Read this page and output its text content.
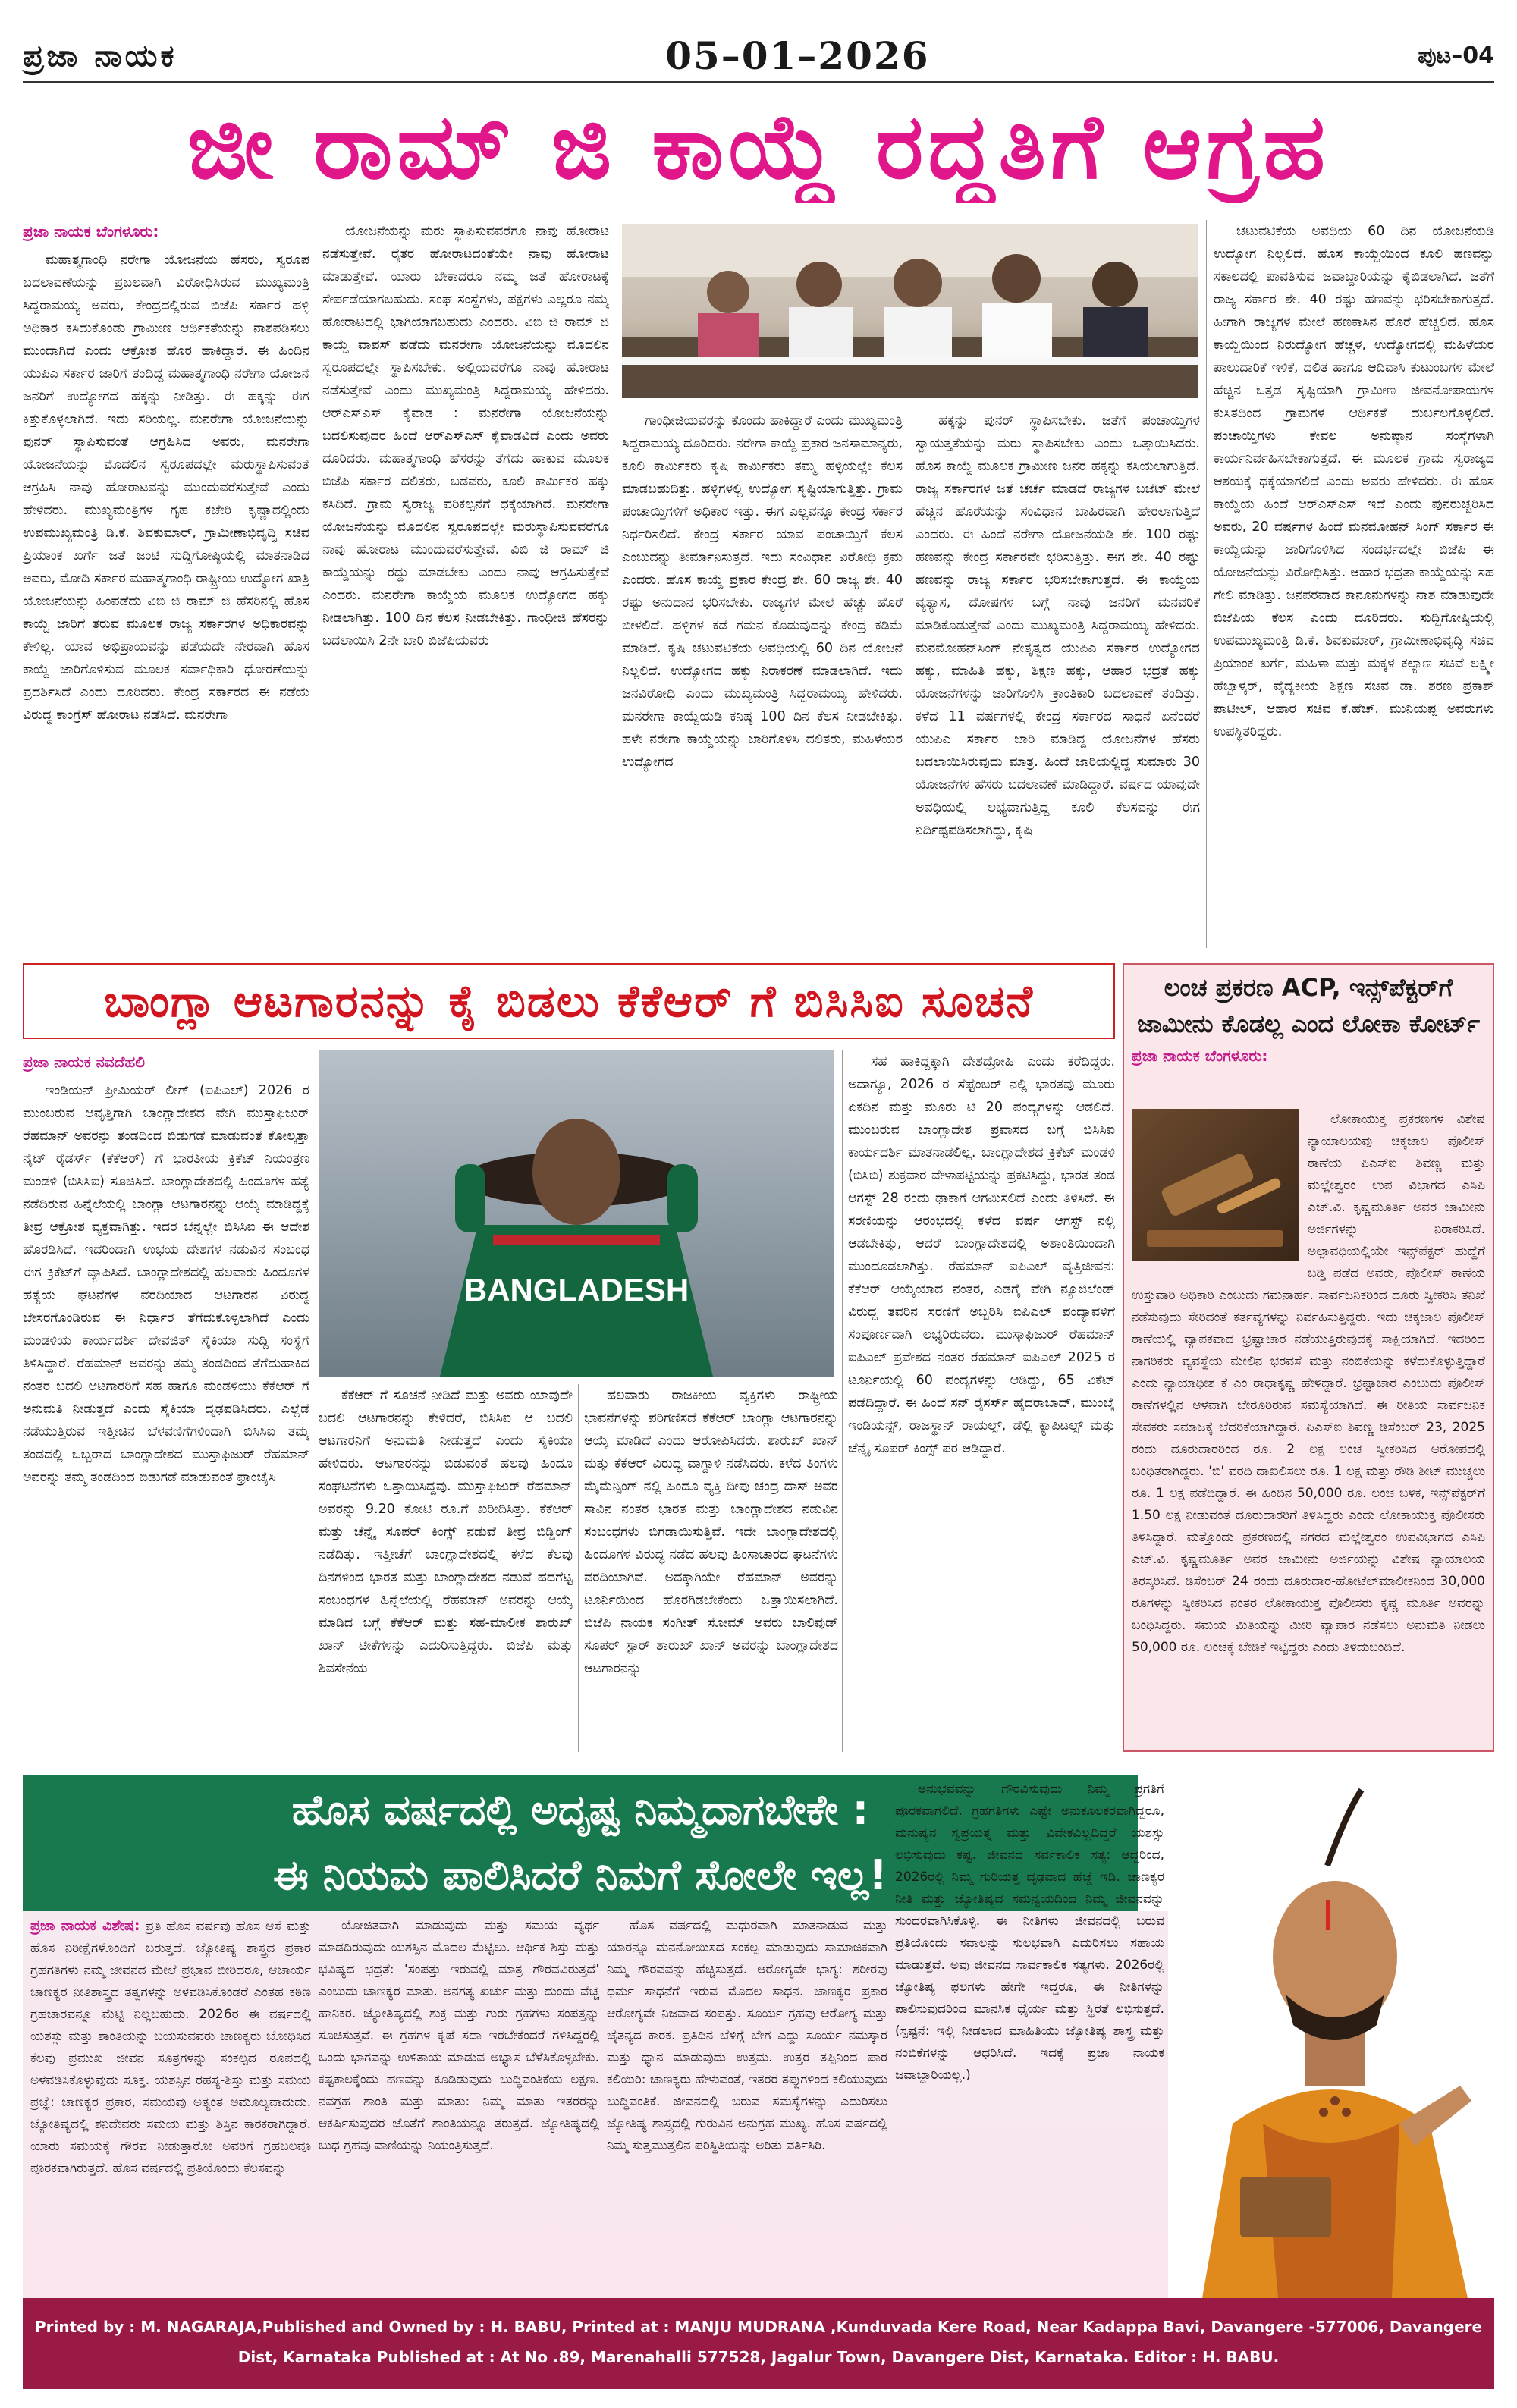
ಪ್ರಜಾ ನಾಯಕ	05–01–2026	ಪುಟ–04
ಜೀ ರಾಮ್ ಜಿ ಕಾಯ್ದೆ ರದ್ದತಿಗೆ ಆಗ್ರಹ
ಪ್ರಜಾ ನಾಯಕ ಬೆಂಗಳೂರು:

ಮಹಾತ್ಮಗಾಂಧಿ ನರೇಗಾ ಯೋಜನೆಯ ಹೆಸರು, ಸ್ವರೂಪ ಬದಲಾವಣೆಯನ್ನು ಪ್ರಬಲವಾಗಿ ವಿರೋಧಿಸಿರುವ ಮುಖ್ಯಮಂತ್ರಿ ಸಿದ್ದರಾಮಯ್ಯ ಅವರು, ಕೇಂದ್ರದಲ್ಲಿರುವ ಬಿಜೆಪಿ ಸರ್ಕಾರ ಹಳ್ಳಿ ಅಧಿಕಾರ ಕಸಿದುಕೊಂಡು ಗ್ರಾಮೀಣ ಆರ್ಥಿಕತೆಯನ್ನು ನಾಶಪಡಿಸಲು ಮುಂದಾಗಿದೆ ಎಂದು ಆಕ್ರೋಶ ಹೊರ ಹಾಕಿದ್ದಾರೆ. ಈ ಹಿಂದಿನ ಯುಪಿಎ ಸರ್ಕಾರ ಜಾರಿಗೆ ತಂದಿದ್ದ ಮಹಾತ್ಮಗಾಂಧಿ ನರೇಗಾ ಯೋಜನೆ ಜನರಿಗೆ ಉದ್ಯೋಗದ ಹಕ್ಕನ್ನು ನೀಡಿತ್ತು. ಈ ಹಕ್ಕನ್ನು ಈಗ ಕಿತ್ತುಕೊಳ್ಳಲಾಗಿದೆ. ಇದು ಸರಿಯಲ್ಲ. ಮನರೇಗಾ ಯೋಜನೆಯನ್ನು ಪುನರ್ ಸ್ಥಾಪಿಸುವಂತೆ ಆಗ್ರಹಿಸಿದ ಅವರು, ಮನರೇಗಾ ಯೋಜನೆಯನ್ನು ಮೊದಲಿನ ಸ್ವರೂಪದಲ್ಲೇ ಮರುಸ್ಥಾಪಿಸುವಂತೆ ಆಗ್ರಹಿಸಿ ನಾವು ಹೋರಾಟವನ್ನು ಮುಂದುವರೆಸುತ್ತೇವೆ ಎಂದು ಹೇಳಿದರು. ಮುಖ್ಯಮಂತ್ರಿಗಳ ಗೃಹ ಕಚೇರಿ ಕೃಷ್ಣಾದಲ್ಲಿಂದು ಉಪಮುಖ್ಯಮಂತ್ರಿ ಡಿ.ಕೆ. ಶಿವಕುಮಾರ್, ಗ್ರಾಮೀಣಾಭಿವೃದ್ಧಿ ಸಚಿವ ಪ್ರಿಯಾಂಕ ಖರ್ಗೆ ಜತೆ ಜಂಟಿ ಸುದ್ದಿಗೋಷ್ಠಿಯಲ್ಲಿ ಮಾತನಾಡಿದ ಅವರು, ಮೋದಿ ಸರ್ಕಾರ ಮಹಾತ್ಮಗಾಂಧಿ ರಾಷ್ಟ್ರೀಯ ಉದ್ಯೋಗ ಖಾತ್ರಿ ಯೋಜನೆಯನ್ನು ಹಿಂಪಡೆದು ವಿಬಿ ಜಿ ರಾಮ್ ಜಿ ಹೆಸರಿನಲ್ಲಿ ಹೊಸ ಕಾಯ್ದೆ ಜಾರಿಗೆ ತರುವ ಮೂಲಕ ರಾಜ್ಯ ಸರ್ಕಾರಗಳ ಅಧಿಕಾರವನ್ನು ಕೇಳಿಲ್ಲ. ಯಾವ ಅಭಿಪ್ರಾಯವನ್ನು ಪಡೆಯದೇ ನೇರವಾಗಿ ಹೊಸ ಕಾಯ್ದೆ ಜಾರಿಗೊಳಿಸುವ ಮೂಲಕ ಸರ್ವಾಧಿಕಾರಿ ಧೋರಣೆಯನ್ನು ಪ್ರದರ್ಶಿಸಿದೆ ಎಂದು ದೂರಿದರು. ಕೇಂದ್ರ ಸರ್ಕಾರದ ಈ ನಡೆಯ ವಿರುದ್ಧ ಕಾಂಗ್ರೆಸ್ ಹೋರಾಟ ನಡೆಸಿದೆ. ಮನರೇಗಾ

ಯೋಜನೆಯನ್ನು ಮರು ಸ್ಥಾಪಿಸುವವರೆಗೂ ನಾವು ಹೋರಾಟ ನಡೆಸುತ್ತೇವೆ. ರೈತರ ಹೋರಾಟದಂತೆಯೇ ನಾವು ಹೋರಾಟ ಮಾಡುತ್ತೇವೆ. ಯಾರು ಬೇಕಾದರೂ ನಮ್ಮ ಜತೆ ಹೋರಾಟಕ್ಕೆ ಸೇರ್ಪಡೆಯಾಗಬಹುದು. ಸಂಘ ಸಂಸ್ಥೆಗಳು, ಪಕ್ಷಗಳು ಎಲ್ಲರೂ ನಮ್ಮ ಹೋರಾಟದಲ್ಲಿ ಭಾಗಿಯಾಗಬಹುದು ಎಂದರು. ವಿಬಿ ಜಿ ರಾಮ್ ಜಿ ಕಾಯ್ದೆ ವಾಪಸ್ ಪಡೆದು ಮನರೇಗಾ ಯೋಜನೆಯನ್ನು ಮೊದಲಿನ ಸ್ವರೂಪದಲ್ಲೇ ಸ್ಥಾಪಿಸಬೇಕು. ಅಲ್ಲಿಯವರೆಗೂ ನಾವು ಹೋರಾಟ ನಡೆಸುತ್ತೇವೆ ಎಂದು ಮುಖ್ಯಮಂತ್ರಿ ಸಿದ್ದರಾಮಯ್ಯ ಹೇಳಿದರು. ಆರ್‌ಎಸ್‌ಎಸ್ ಕೈವಾಡ : ಮನರೇಗಾ ಯೋಜನೆಯನ್ನು ಬದಲಿಸುವುದರ ಹಿಂದೆ ಆರ್‌ಎಸ್‌ಎಸ್ ಕೈವಾಡವಿದೆ ಎಂದು ಅವರು ದೂರಿದರು. ಮಹಾತ್ಮಗಾಂಧಿ ಹೆಸರನ್ನು ತೆಗೆದು ಹಾಕುವ ಮೂಲಕ ಬಿಜೆಪಿ ಸರ್ಕಾರ ದಲಿತರು, ಬಡವರು, ಕೂಲಿ ಕಾರ್ಮಿಕರ ಹಕ್ಕು ಕಸಿದಿದೆ. ಗ್ರಾಮ ಸ್ವರಾಜ್ಯ ಪರಿಕಲ್ಪನೆಗೆ ಧಕ್ಕೆಯಾಗಿದೆ. ಮನರೇಗಾ ಯೋಜನೆಯನ್ನು ಮೊದಲಿನ ಸ್ವರೂಪದಲ್ಲೇ ಮರುಸ್ಥಾಪಿಸುವವರೆಗೂ ನಾವು ಹೋರಾಟ ಮುಂದುವರೆಸುತ್ತೇವೆ. ವಿಬಿ ಜಿ ರಾಮ್ ಜಿ ಕಾಯ್ದೆಯನ್ನು ರದ್ದು ಮಾಡಬೇಕು ಎಂದು ನಾವು ಆಗ್ರಹಿಸುತ್ತೇವೆ ಎಂದರು. ಮನರೇಗಾ ಕಾಯ್ದೆಯ ಮೂಲಕ ಉದ್ಯೋಗದ ಹಕ್ಕು ನೀಡಲಾಗಿತ್ತು. 100 ದಿನ ಕೆಲಸ ನೀಡಬೇಕಿತ್ತು. ಗಾಂಧೀಜಿ ಹೆಸರನ್ನು ಬದಲಾಯಿಸಿ 2ನೇ ಬಾರಿ ಬಿಜೆಪಿಯವರು

ಗಾಂಧೀಜಿಯವರನ್ನು ಕೊಂದು ಹಾಕಿದ್ದಾರೆ ಎಂದು ಮುಖ್ಯಮಂತ್ರಿ ಸಿದ್ದರಾಮಯ್ಯ ದೂರಿದರು. ನರೇಗಾ ಕಾಯ್ದೆ ಪ್ರಕಾರ ಜನಸಾಮಾನ್ಯರು, ಕೂಲಿ ಕಾರ್ಮಿಕರು ಕೃಷಿ ಕಾರ್ಮಿಕರು ತಮ್ಮ ಹಳ್ಳಿಯಲ್ಲೇ ಕೆಲಸ ಮಾಡಬಹುದಿತ್ತು. ಹಳ್ಳಿಗಳಲ್ಲಿ ಉದ್ಯೋಗ ಸೃಷ್ಟಿಯಾಗುತ್ತಿತ್ತು. ಗ್ರಾಮ ಪಂಚಾಯ್ತಿಗಳಿಗೆ ಅಧಿಕಾರ ಇತ್ತು. ಈಗ ಎಲ್ಲವನ್ನೂ ಕೇಂದ್ರ ಸರ್ಕಾರ ನಿರ್ಧರಿಸಲಿದೆ. ಕೇಂದ್ರ ಸರ್ಕಾರ ಯಾವ ಪಂಚಾಯ್ತಿಗೆ ಕೆಲಸ ಎಂಬುದನ್ನು ತೀರ್ಮಾನಿಸುತ್ತದೆ. ಇದು ಸಂವಿಧಾನ ವಿರೋಧಿ ಕ್ರಮ ಎಂದರು. ಹೊಸ ಕಾಯ್ದೆ ಪ್ರಕಾರ ಕೇಂದ್ರ ಶೇ. 60 ರಾಜ್ಯ ಶೇ. 40 ರಷ್ಟು ಅನುದಾನ ಭರಿಸಬೇಕು. ರಾಜ್ಯಗಳ ಮೇಲೆ ಹೆಚ್ಚು ಹೊರೆ ಬೀಳಲಿದೆ. ಹಳ್ಳಿಗಳ ಕಡೆ ಗಮನ ಕೊಡುವುದನ್ನು ಕೇಂದ್ರ ಕಡಿಮೆ ಮಾಡಿದೆ. ಕೃಷಿ ಚಟುವಟಿಕೆಯ ಅವಧಿಯಲ್ಲಿ 60 ದಿನ ಯೋಜನೆ ನಿಲ್ಲಲಿದೆ. ಉದ್ಯೋಗದ ಹಕ್ಕು ನಿರಾಕರಣೆ ಮಾಡಲಾಗಿದೆ. ಇದು ಜನವಿರೋಧಿ ಎಂದು ಮುಖ್ಯಮಂತ್ರಿ ಸಿದ್ದರಾಮಯ್ಯ ಹೇಳಿದರು. ಮನರೇಗಾ ಕಾಯ್ದೆಯಡಿ ಕನಿಷ್ಠ 100 ದಿನ ಕೆಲಸ ನೀಡಬೇಕಿತ್ತು. ಹಳೇ ನರೇಗಾ ಕಾಯ್ದೆಯನ್ನು ಜಾರಿಗೊಳಿಸಿ ದಲಿತರು, ಮಹಿಳೆಯರ ಉದ್ಯೋಗದ

ಹಕ್ಕನ್ನು ಪುನರ್ ಸ್ಥಾಪಿಸಬೇಕು. ಜತೆಗೆ ಪಂಚಾಯ್ತಿಗಳ ಸ್ವಾಯತ್ತತೆಯನ್ನು ಮರು ಸ್ಥಾಪಿಸಬೇಕು ಎಂದು ಒತ್ತಾಯಿಸಿದರು. ಹೊಸ ಕಾಯ್ದೆ ಮೂಲಕ ಗ್ರಾಮೀಣ ಜನರ ಹಕ್ಕನ್ನು ಕಸಿಯಲಾಗುತ್ತಿದೆ. ರಾಜ್ಯ ಸರ್ಕಾರಗಳ ಜತೆ ಚರ್ಚೆ ಮಾಡದೆ ರಾಜ್ಯಗಳ ಬಜೆಟ್ ಮೇಲೆ ಹೆಚ್ಚಿನ ಹೊರೆಯನ್ನು ಸಂವಿಧಾನ ಬಾಹಿರವಾಗಿ ಹೇರಲಾಗುತ್ತಿದೆ ಎಂದರು. ಈ ಹಿಂದೆ ನರೇಗಾ ಯೋಜನೆಯಡಿ ಶೇ. 100 ರಷ್ಟು ಹಣವನ್ನು ಕೇಂದ್ರ ಸರ್ಕಾರವೇ ಭರಿಸುತ್ತಿತ್ತು. ಈಗ ಶೇ. 40 ರಷ್ಟು ಹಣವನ್ನು ರಾಜ್ಯ ಸರ್ಕಾರ ಭರಿಸಬೇಕಾಗುತ್ತದೆ. ಈ ಕಾಯ್ದೆಯ ವ್ಯತ್ಯಾಸ, ದೋಷಗಳ ಬಗ್ಗೆ ನಾವು ಜನರಿಗೆ ಮನವರಿಕೆ ಮಾಡಿಕೊಡುತ್ತೇವೆ ಎಂದು ಮುಖ್ಯಮಂತ್ರಿ ಸಿದ್ದರಾಮಯ್ಯ ಹೇಳಿದರು. ಮನಮೋಹನ್‌ಸಿಂಗ್ ನೇತೃತ್ವದ ಯುಪಿಎ ಸರ್ಕಾರ ಉದ್ಯೋಗದ ಹಕ್ಕು, ಮಾಹಿತಿ ಹಕ್ಕು, ಶಿಕ್ಷಣ ಹಕ್ಕು, ಆಹಾರ ಭದ್ರತೆ ಹಕ್ಕು ಯೋಜನೆಗಳನ್ನು ಜಾರಿಗೊಳಿಸಿ ಕ್ರಾಂತಿಕಾರಿ ಬದಲಾವಣೆ ತಂದಿತ್ತು. ಕಳೆದ 11 ವರ್ಷಗಳಲ್ಲಿ ಕೇಂದ್ರ ಸರ್ಕಾರದ ಸಾಧನೆ ಏನೆಂದರೆ ಯುಪಿಎ ಸರ್ಕಾರ ಜಾರಿ ಮಾಡಿದ್ದ ಯೋಜನೆಗಳ ಹೆಸರು ಬದಲಾಯಿಸಿರುವುದು ಮಾತ್ರ. ಹಿಂದೆ ಜಾರಿಯಲ್ಲಿದ್ದ ಸುಮಾರು 30 ಯೋಜನೆಗಳ ಹೆಸರು ಬದಲಾವಣೆ ಮಾಡಿದ್ದಾರೆ. ವರ್ಷದ ಯಾವುದೇ ಅವಧಿಯಲ್ಲಿ ಲಭ್ಯವಾಗುತ್ತಿದ್ದ ಕೂಲಿ ಕೆಲಸವನ್ನು ಈಗ ನಿರ್ದಿಷ್ಟಪಡಿಸಲಾಗಿದ್ದು, ಕೃಷಿ

ಚಟುವಟಿಕೆಯ ಅವಧಿಯ 60 ದಿನ ಯೋಜನೆಯಡಿ ಉದ್ಯೋಗ ನಿಲ್ಲಲಿದೆ. ಹೊಸ ಕಾಯ್ದೆಯಿಂದ ಕೂಲಿ ಹಣವನ್ನು ಸಕಾಲದಲ್ಲಿ ಪಾವತಿಸುವ ಜವಾಬ್ದಾರಿಯನ್ನು ಕೈಬಿಡಲಾಗಿದೆ. ಜತೆಗೆ ರಾಜ್ಯ ಸರ್ಕಾರ ಶೇ. 40 ರಷ್ಟು ಹಣವನ್ನು ಭರಿಸಬೇಕಾಗುತ್ತದೆ. ಹೀಗಾಗಿ ರಾಜ್ಯಗಳ ಮೇಲೆ ಹಣಕಾಸಿನ ಹೊರೆ ಹೆಚ್ಚಲಿದೆ. ಹೊಸ ಕಾಯ್ದೆಯಿಂದ ನಿರುದ್ಯೋಗ ಹೆಚ್ಚಳ, ಉದ್ಯೋಗದಲ್ಲಿ ಮಹಿಳೆಯರ ಪಾಲುದಾರಿಕೆ ಇಳಿಕೆ, ದಲಿತ ಹಾಗೂ ಆದಿವಾಸಿ ಕುಟುಂಬಗಳ ಮೇಲೆ ಹೆಚ್ಚಿನ ಒತ್ತಡ ಸೃಷ್ಟಿಯಾಗಿ ಗ್ರಾಮೀಣ ಜೀವನೋಪಾಯಗಳ ಕುಸಿತದಿಂದ ಗ್ರಾಮಗಳ ಆರ್ಥಿಕತೆ ದುರ್ಬಲಗೊಳ್ಳಲಿದೆ. ಪಂಚಾಯ್ತಿಗಳು ಕೇವಲ ಅನುಷ್ಠಾನ ಸಂಸ್ಥೆಗಳಾಗಿ ಕಾರ್ಯನಿರ್ವಹಿಸಬೇಕಾಗುತ್ತದೆ. ಈ ಮೂಲಕ ಗ್ರಾಮ ಸ್ವರಾಜ್ಯದ ಆಶಯಕ್ಕೆ ಧಕ್ಕೆಯಾಗಲಿದೆ ಎಂದು ಅವರು ಹೇಳಿದರು. ಈ ಹೊಸ ಕಾಯ್ದೆಯ ಹಿಂದೆ ಆರ್‌ಎಸ್‌ಎಸ್ ಇದೆ ಎಂದು ಪುನರುಚ್ಚರಿಸಿದ ಅವರು, 20 ವರ್ಷಗಳ ಹಿಂದೆ ಮನಮೋಹನ್ ಸಿಂಗ್ ಸರ್ಕಾರ ಈ ಕಾಯ್ದೆಯನ್ನು ಜಾರಿಗೊಳಿಸಿದ ಸಂದರ್ಭದಲ್ಲೇ ಬಿಜೆಪಿ ಈ ಯೋಜನೆಯನ್ನು ವಿರೋಧಿಸಿತ್ತು. ಆಹಾರ ಭದ್ರತಾ ಕಾಯ್ದೆಯನ್ನು ಸಹ ಗೇಲಿ ಮಾಡಿತ್ತು. ಜನಪರವಾದ ಕಾನೂನುಗಳನ್ನು ನಾಶ ಮಾಡುವುದೇ ಬಿಜೆಪಿಯ ಕೆಲಸ ಎಂದು ದೂರಿದರು. ಸುದ್ದಿಗೋಷ್ಠಿಯಲ್ಲಿ ಉಪಮುಖ್ಯಮಂತ್ರಿ ಡಿ.ಕೆ. ಶಿವಕುಮಾರ್, ಗ್ರಾಮೀಣಾಭಿವೃದ್ಧಿ ಸಚಿವ ಪ್ರಿಯಾಂಕ ಖರ್ಗೆ, ಮಹಿಳಾ ಮತ್ತು ಮಕ್ಕಳ ಕಲ್ಯಾಣ ಸಚಿವೆ ಲಕ್ಷ್ಮೀ ಹೆಬ್ಬಾಳ್ಕರ್, ವೈದ್ಯಕೀಯ ಶಿಕ್ಷಣ ಸಚಿವ ಡಾ. ಶರಣ ಪ್ರಕಾಶ್ ಪಾಟೀಲ್, ಆಹಾರ ಸಚಿವ ಕೆ.ಹೆಚ್. ಮುನಿಯಪ್ಪ ಅವರುಗಳು ಉಪಸ್ಥಿತರಿದ್ದರು.

ಬಾಂಗ್ಲಾ ಆಟಗಾರನನ್ನು ಕೈ ಬಿಡಲು ಕೆಕೆಆರ್ ಗೆ ಬಿಸಿಸಿಐ ಸೂಚನೆ
ಪ್ರಜಾ ನಾಯಕ ನವದೆಹಲಿ

ಇಂಡಿಯನ್ ಪ್ರೀಮಿಯರ್ ಲೀಗ್ (ಐಪಿಎಲ್) 2026 ರ ಮುಂಬರುವ ಆವೃತ್ತಿಗಾಗಿ ಬಾಂಗ್ಲಾದೇಶದ ವೇಗಿ ಮುಸ್ತಾಫಿಜುರ್ ರೆಹಮಾನ್ ಅವರನ್ನು ತಂಡದಿಂದ ಬಿಡುಗಡೆ ಮಾಡುವಂತೆ ಕೋಲ್ಕತ್ತಾ ನೈಟ್ ರೈಡರ್ಸ್ (ಕೆಕೆಆರ್) ಗೆ ಭಾರತೀಯ ಕ್ರಿಕೆಟ್ ನಿಯಂತ್ರಣ ಮಂಡಳಿ (ಬಿಸಿಸಿಐ) ಸೂಚಿಸಿದೆ. ಬಾಂಗ್ಲಾದೇಶದಲ್ಲಿ ಹಿಂದೂಗಳ ಹತ್ಯೆ ನಡೆದಿರುವ ಹಿನ್ನೆಲೆಯಲ್ಲಿ ಬಾಂಗ್ಲಾ ಆಟಗಾರನನ್ನು ಆಯ್ಕೆ ಮಾಡಿದ್ದಕ್ಕೆ ತೀವ್ರ ಆಕ್ರೋಶ ವ್ಯಕ್ತವಾಗಿತ್ತು. ಇದರ ಬೆನ್ನಲ್ಲೇ ಬಿಸಿಸಿಐ ಈ ಆದೇಶ ಹೊರಡಿಸಿದೆ. ಇದರಿಂದಾಗಿ ಉಭಯ ದೇಶಗಳ ನಡುವಿನ ಸಂಬಂಧ ಈಗ ಕ್ರಿಕೆಟ್‌ಗೆ ವ್ಯಾಪಿಸಿದೆ. ಬಾಂಗ್ಲಾದೇಶದಲ್ಲಿ ಹಲವಾರು ಹಿಂದೂಗಳ ಹತ್ಯೆಯ ಘಟನೆಗಳ ವರದಿಯಾದ ಆಟಗಾರನ ವಿರುದ್ಧ ಬೇಸರಗೊಂಡಿರುವ ಈ ನಿರ್ಧಾರ ತೆಗೆದುಕೊಳ್ಳಲಾಗಿದೆ ಎಂದು ಮಂಡಳಿಯ ಕಾರ್ಯದರ್ಶಿ ದೇವಜಿತ್ ಸೈಕಿಯಾ ಸುದ್ದಿ ಸಂಸ್ಥೆಗೆ ತಿಳಿಸಿದ್ದಾರೆ. ರೆಹಮಾನ್ ಅವರನ್ನು ತಮ್ಮ ತಂಡದಿಂದ ತೆಗೆದುಹಾಕಿದ ನಂತರ ಬದಲಿ ಆಟಗಾರರಿಗೆ ಸಹ ಹಾಗೂ ಮಂಡಳಿಯು ಕೆಕೆಆರ್ ಗೆ ಅನುಮತಿ ನೀಡುತ್ತದೆ ಎಂದು ಸೈಕಿಯಾ ದೃಢಪಡಿಸಿದರು. ಎಲ್ಲೆಡೆ ನಡೆಯುತ್ತಿರುವ ಇತ್ತೀಚಿನ ಬೆಳವಣಿಗೆಗಳಿಂದಾಗಿ ಬಿಸಿಸಿಐ ತಮ್ಮ ತಂಡದಲ್ಲಿ ಒಬ್ಬರಾದ ಬಾಂಗ್ಲಾದೇಶದ ಮುಸ್ತಾಫಿಜುರ್ ರೆಹಮಾನ್ ಅವರನ್ನು ತಮ್ಮ ತಂಡದಿಂದ ಬಿಡುಗಡೆ ಮಾಡುವಂತೆ ಫ್ರಾಂಚೈಸಿ

BANGLADESH

ಕೆಕೆಆರ್ ಗೆ ಸೂಚನೆ ನೀಡಿದೆ ಮತ್ತು ಅವರು ಯಾವುದೇ ಬದಲಿ ಆಟಗಾರನನ್ನು ಕೇಳಿದರೆ, ಬಿಸಿಸಿಐ ಆ ಬದಲಿ ಆಟಗಾರನಿಗೆ ಅನುಮತಿ ನೀಡುತ್ತದೆ ಎಂದು ಸೈಕಿಯಾ ಹೇಳಿದರು. ಆಟಗಾರನನ್ನು ಬಿಡುವಂತೆ ಹಲವು ಹಿಂದೂ ಸಂಘಟನೆಗಳು ಒತ್ತಾಯಿಸಿದ್ದವು. ಮುಸ್ತಾಫಿಜುರ್ ರೆಹಮಾನ್ ಅವರನ್ನು 9.20 ಕೋಟಿ ರೂ.ಗೆ ಖರೀದಿಸಿತ್ತು. ಕೆಕೆಆರ್ ಮತ್ತು ಚೆನ್ನೈ ಸೂಪರ್ ಕಿಂಗ್ಸ್ ನಡುವೆ ತೀವ್ರ ಬಿಡ್ಡಿಂಗ್ ನಡೆದಿತ್ತು. ಇತ್ತೀಚೆಗೆ ಬಾಂಗ್ಲಾದೇಶದಲ್ಲಿ ಕಳೆದ ಕೆಲವು ದಿನಗಳಿಂದ ಭಾರತ ಮತ್ತು ಬಾಂಗ್ಲಾದೇಶದ ನಡುವೆ ಹದಗೆಟ್ಟ ಸಂಬಂಧಗಳ ಹಿನ್ನೆಲೆಯಲ್ಲಿ ರೆಹಮಾನ್ ಅವರನ್ನು ಆಯ್ಕೆ ಮಾಡಿದ ಬಗ್ಗೆ ಕೆಕೆಆರ್ ಮತ್ತು ಸಹ-ಮಾಲೀಕ ಶಾರುಖ್ ಖಾನ್ ಟೀಕೆಗಳನ್ನು ಎದುರಿಸುತ್ತಿದ್ದರು. ಬಿಜೆಪಿ ಮತ್ತು ಶಿವಸೇನೆಯ

ಹಲವಾರು ರಾಜಕೀಯ ವ್ಯಕ್ತಿಗಳು ರಾಷ್ಟ್ರೀಯ ಭಾವನೆಗಳನ್ನು ಪರಿಗಣಿಸದೆ ಕೆಕೆಆರ್ ಬಾಂಗ್ಲಾ ಆಟಗಾರನನ್ನು ಆಯ್ಕೆ ಮಾಡಿದೆ ಎಂದು ಆರೋಪಿಸಿದರು. ಶಾರುಖ್ ಖಾನ್ ಮತ್ತು ಕೆಕೆಆರ್ ವಿರುದ್ಧ ವಾಗ್ದಾಳಿ ನಡೆಸಿದರು. ಕಳೆದ ತಿಂಗಳು ಮೈಮೆನ್ಸಿಂಗ್ ನಲ್ಲಿ ಹಿಂದೂ ವ್ಯಕ್ತಿ ದೀಪು ಚಂದ್ರ ದಾಸ್ ಅವರ ಸಾವಿನ ನಂತರ ಭಾರತ ಮತ್ತು ಬಾಂಗ್ಲಾದೇಶದ ನಡುವಿನ ಸಂಬಂಧಗಳು ಬಿಗಡಾಯಿಸುತ್ತಿವೆ. ಇದೇ ಬಾಂಗ್ಲಾದೇಶದಲ್ಲಿ ಹಿಂದೂಗಳ ವಿರುದ್ಧ ನಡೆದ ಹಲವು ಹಿಂಸಾಚಾರದ ಘಟನೆಗಳು ವರದಿಯಾಗಿವೆ. ಅದಕ್ಕಾಗಿಯೇ ರೆಹಮಾನ್ ಅವರನ್ನು ಟೂರ್ನಿಯಿಂದ ಹೊರಗಿಡಬೇಕೆಂದು ಒತ್ತಾಯಿಸಲಾಗಿದೆ. ಬಿಜೆಪಿ ನಾಯಕ ಸಂಗೀತ್ ಸೋಮ್ ಅವರು ಬಾಲಿವುಡ್ ಸೂಪರ್ ಸ್ಟಾರ್ ಶಾರುಖ್ ಖಾನ್ ಅವರನ್ನು ಬಾಂಗ್ಲಾದೇಶದ ಆಟಗಾರನನ್ನು

ಸಹ ಹಾಕಿದ್ದಕ್ಕಾಗಿ ದೇಶದ್ರೋಹಿ ಎಂದು ಕರೆದಿದ್ದರು. ಅದಾಗ್ಯೂ, 2026 ರ ಸೆಪ್ಟೆಂಬರ್ ನಲ್ಲಿ ಭಾರತವು ಮೂರು ಏಕದಿನ ಮತ್ತು ಮೂರು ಟಿ 20 ಪಂದ್ಯಗಳನ್ನು ಆಡಲಿದೆ. ಮುಂಬರುವ ಬಾಂಗ್ಲಾದೇಶ ಪ್ರವಾಸದ ಬಗ್ಗೆ ಬಿಸಿಸಿಐ ಕಾರ್ಯದರ್ಶಿ ಮಾತನಾಡಲಿಲ್ಲ. ಬಾಂಗ್ಲಾದೇಶದ ಕ್ರಿಕೆಟ್ ಮಂಡಳಿ (ಬಿಸಿಬಿ) ಶುಕ್ರವಾರ ವೇಳಾಪಟ್ಟಿಯನ್ನು ಪ್ರಕಟಿಸಿದ್ದು, ಭಾರತ ತಂಡ ಆಗಸ್ಟ್ 28 ರಂದು ಢಾಕಾಗೆ ಆಗಮಿಸಲಿದೆ ಎಂದು ತಿಳಿಸಿದೆ. ಈ ಸರಣಿಯನ್ನು ಆರಂಭದಲ್ಲಿ ಕಳೆದ ವರ್ಷ ಆಗಸ್ಟ್ ನಲ್ಲಿ ಆಡಬೇಕಿತ್ತು, ಆದರೆ ಬಾಂಗ್ಲಾದೇಶದಲ್ಲಿ ಅಶಾಂತಿಯಿಂದಾಗಿ ಮುಂದೂಡಲಾಗಿತ್ತು. ರೆಹಮಾನ್ ಐಪಿಎಲ್ ವೃತ್ತಿಜೀವನ: ಕೆಕೆಆರ್ ಆಯ್ಕೆಯಾದ ನಂತರ, ಎಡಗೈ ವೇಗಿ ನ್ಯೂಜಿಲೆಂಡ್ ವಿರುದ್ಧ ತವರಿನ ಸರಣಿಗೆ ಅಬ್ಬರಿಸಿ ಐಪಿಎಲ್ ಪಂದ್ಯಾವಳಿಗೆ ಸಂಪೂರ್ಣವಾಗಿ ಲಭ್ಯರಿರುವರು. ಮುಸ್ತಾಫಿಜುರ್ ರೆಹಮಾನ್ ಐಪಿಎಲ್ ಪ್ರವೇಶದ ನಂತರ ರೆಹಮಾನ್ ಐಪಿಎಲ್ 2025 ರ ಟೂರ್ನಿಯಲ್ಲಿ 60 ಪಂದ್ಯಗಳನ್ನು ಆಡಿದ್ದು, 65 ವಿಕೆಟ್ ಪಡೆದಿದ್ದಾರೆ. ಈ ಹಿಂದೆ ಸನ್ ರೈಸರ್ಸ್ ಹೈದರಾಬಾದ್, ಮುಂಬೈ ಇಂಡಿಯನ್ಸ್, ರಾಜಸ್ಥಾನ್ ರಾಯಲ್ಸ್, ಡೆಲ್ಲಿ ಕ್ಯಾಪಿಟಲ್ಸ್ ಮತ್ತು ಚೆನ್ನೈ ಸೂಪರ್ ಕಿಂಗ್ಸ್ ಪರ ಆಡಿದ್ದಾರೆ.

ಲಂಚ ಪ್ರಕರಣ ACP, ಇನ್ಸ್‌ಪೆಕ್ಟರ್‌ಗೆ ಜಾಮೀನು ಕೊಡಲ್ಲ ಎಂದ ಲೋಕಾ ಕೋರ್ಟ್
ಪ್ರಜಾ ನಾಯಕ ಬೆಂಗಳೂರು:

ಲೋಕಾಯುಕ್ತ ಪ್ರಕರಣಗಳ ವಿಶೇಷ ನ್ಯಾಯಾಲಯವು ಚಿಕ್ಕಜಾಲ ಪೊಲೀಸ್ ಠಾಣೆಯ ಪಿಎಸ್‌ಐ ಶಿವಣ್ಣ ಮತ್ತು ಮಲ್ಲೇಶ್ವರಂ ಉಪ ವಿಭಾಗದ ಎಸಿಪಿ ಎಚ್.ವಿ. ಕೃಷ್ಣಮೂರ್ತಿ ಅವರ ಜಾಮೀನು ಅರ್ಜಿಗಳನ್ನು ನಿರಾಕರಿಸಿದೆ. ಅಲ್ಪಾವಧಿಯಲ್ಲಿಯೇ ಇನ್ಸ್‌ಪೆಕ್ಟರ್ ಹುದ್ದೆಗೆ ಬಡ್ತಿ ಪಡೆದ ಅವರು, ಪೊಲೀಸ್ ಠಾಣೆಯ ಉಸ್ತುವಾರಿ ಅಧಿಕಾರಿ ಎಂಬುದು ಗಮನಾರ್ಹ. ಸಾರ್ವಜನಿಕರಿಂದ ದೂರು ಸ್ವೀಕರಿಸಿ ತನಿಖೆ ನಡೆಸುವುದು ಸೇರಿದಂತೆ ಕರ್ತವ್ಯಗಳನ್ನು ನಿರ್ವಹಿಸುತ್ತಿದ್ದರು. ಇದು ಚಿಕ್ಕಜಾಲ ಪೊಲೀಸ್ ಠಾಣೆಯಲ್ಲಿ ವ್ಯಾಪಕವಾದ ಭ್ರಷ್ಟಾಚಾರ ನಡೆಯುತ್ತಿರುವುದಕ್ಕೆ ಸಾಕ್ಷಿಯಾಗಿದೆ. ಇದರಿಂದ ನಾಗರಿಕರು ವ್ಯವಸ್ಥೆಯ ಮೇಲಿನ ಭರವಸೆ ಮತ್ತು ನಂಬಿಕೆಯನ್ನು ಕಳೆದುಕೊಳ್ಳುತ್ತಿದ್ದಾರೆ ಎಂದು ನ್ಯಾಯಾಧೀಶ ಕೆ ಎಂ ರಾಧಾಕೃಷ್ಣ ಹೇಳಿದ್ದಾರೆ. ಭ್ರಷ್ಟಾಚಾರ ಎಂಬುದು ಪೊಲೀಸ್ ಠಾಣೆಗಳಲ್ಲಿನ ಆಳವಾಗಿ ಬೇರೂರಿರುವ ಸಮಸ್ಯೆಯಾಗಿದೆ. ಈ ರೀತಿಯ ಸಾರ್ವಜನಿಕ ಸೇವಕರು ಸಮಾಜಕ್ಕೆ ಬೆದರಿಕೆಯಾಗಿದ್ದಾರೆ. ಪಿಎಸ್‌ಐ ಶಿವಣ್ಣ ಡಿಸೆಂಬರ್ 23, 2025 ರಂದು ದೂರುದಾರರಿಂದ ರೂ. 2 ಲಕ್ಷ ಲಂಚ ಸ್ವೀಕರಿಸಿದ ಆರೋಪದಲ್ಲಿ ಬಂಧಿತರಾಗಿದ್ದರು. 'ಬಿ' ವರದಿ ದಾಖಲಿಸಲು ರೂ. 1 ಲಕ್ಷ ಮತ್ತು ರೌಡಿ ಶೀಟ್ ಮುಚ್ಚಲು ರೂ. 1 ಲಕ್ಷ ಪಡೆದಿದ್ದಾರೆ. ಈ ಹಿಂದಿನ 50,000 ರೂ. ಲಂಚ ಬಳಿಕ, ಇನ್ಸ್‌ಪೆಕ್ಟರ್‌ಗೆ 1.50 ಲಕ್ಷ ನೀಡುವಂತೆ ದೂರುದಾರರಿಗೆ ತಿಳಿಸಿದ್ದರು ಎಂದು ಲೋಕಾಯುಕ್ತ ಪೊಲೀಸರು ತಿಳಿಸಿದ್ದಾರೆ. ಮತ್ತೊಂದು ಪ್ರಕರಣದಲ್ಲಿ ನಗರದ ಮಲ್ಲೇಶ್ವರಂ ಉಪವಿಭಾಗದ ಎಸಿಪಿ ಎಚ್.ವಿ. ಕೃಷ್ಣಮೂರ್ತಿ ಅವರ ಜಾಮೀನು ಅರ್ಜಿಯನ್ನು ವಿಶೇಷ ನ್ಯಾಯಾಲಯ ತಿರಸ್ಕರಿಸಿದೆ. ಡಿಸೆಂಬರ್ 24 ರಂದು ದೂರುದಾರ-ಹೋಟೆಲ್‌ಮಾಲೀಕನಿಂದ 30,000 ರೂಗಳನ್ನು ಸ್ವೀಕರಿಸಿದ ನಂತರ ಲೋಕಾಯುಕ್ತ ಪೊಲೀಸರು ಕೃಷ್ಣ ಮೂರ್ತಿ ಅವರನ್ನು ಬಂಧಿಸಿದ್ದರು. ಸಮಯ ಮಿತಿಯನ್ನು ಮೀರಿ ವ್ಯಾಪಾರ ನಡೆಸಲು ಅನುಮತಿ ನೀಡಲು 50,000 ರೂ. ಲಂಚಕ್ಕೆ ಬೇಡಿಕೆ ಇಟ್ಟಿದ್ದರು ಎಂದು ತಿಳಿದುಬಂದಿದೆ.

ಹೊಸ ವರ್ಷದಲ್ಲಿ ಅದೃಷ್ಟ ನಿಮ್ಮದಾಗಬೇಕೇ :
ಈ ನಿಯಮ ಪಾಲಿಸಿದರೆ ನಿಮಗೆ ಸೋಲೇ ಇಲ್ಲ!
ಪ್ರಜಾ ನಾಯಕ ವಿಶೇಷ: ಪ್ರತಿ ಹೊಸ ವರ್ಷವು ಹೊಸ ಆಸೆ ಮತ್ತು ಹೊಸ ನಿರೀಕ್ಷೆಗಳೊಂದಿಗೆ ಬರುತ್ತದೆ. ಜ್ಯೋತಿಷ್ಯ ಶಾಸ್ತ್ರದ ಪ್ರಕಾರ ಗ್ರಹಗತಿಗಳು ನಮ್ಮ ಜೀವನದ ಮೇಲೆ ಪ್ರಭಾವ ಬೀರಿದರೂ, ಆಚಾರ್ಯ ಚಾಣಕ್ಯರ ನೀತಿಶಾಸ್ತ್ರದ ತತ್ವಗಳನ್ನು ಅಳವಡಿಸಿಕೊಂಡರೆ ಎಂತಹ ಕಠಿಣ ಗ್ರಹಚಾರವನ್ನೂ ಮೆಟ್ಟಿ ನಿಲ್ಲಬಹುದು. 2026ರ ಈ ವರ್ಷದಲ್ಲಿ ಯಶಸ್ಸು ಮತ್ತು ಶಾಂತಿಯನ್ನು ಬಯಸುವವರು ಚಾಣಕ್ಯರು ಬೋಧಿಸಿದ ಕೆಲವು ಪ್ರಮುಖ ಜೀವನ ಸೂತ್ರಗಳನ್ನು ಸಂಕಲ್ಪದ ರೂಪದಲ್ಲಿ ಅಳವಡಿಸಿಕೊಳ್ಳುವುದು ಸೂಕ್ತ. ಯಶಸ್ಸಿನ ರಹಸ್ಯ-ಶಿಸ್ತು ಮತ್ತು ಸಮಯ ಪ್ರಜ್ಞೆ: ಚಾಣಕ್ಯರ ಪ್ರಕಾರ, ಸಮಯವು ಅತ್ಯಂತ ಅಮೂಲ್ಯವಾದುದು. ಜ್ಯೋತಿಷ್ಯದಲ್ಲಿ ಶನಿದೇವರು ಸಮಯ ಮತ್ತು ಶಿಸ್ತಿನ ಕಾರಕರಾಗಿದ್ದಾರೆ. ಯಾರು ಸಮಯಕ್ಕೆ ಗೌರವ ನೀಡುತ್ತಾರೋ ಅವರಿಗೆ ಗ್ರಹಬಲವೂ ಪೂರಕವಾಗಿರುತ್ತದೆ. ಹೊಸ ವರ್ಷದಲ್ಲಿ ಪ್ರತಿಯೊಂದು ಕೆಲಸವನ್ನು

ಯೋಜಿತವಾಗಿ ಮಾಡುವುದು ಮತ್ತು ಸಮಯ ವ್ಯರ್ಥ ಮಾಡದಿರುವುದು ಯಶಸ್ಸಿನ ಮೊದಲ ಮೆಟ್ಟಿಲು. ಆರ್ಥಿಕ ಶಿಸ್ತು ಮತ್ತು ಭವಿಷ್ಯದ ಭದ್ರತೆ: 'ಸಂಪತ್ತು ಇರುವಲ್ಲಿ ಮಾತ್ರ ಗೌರವವಿರುತ್ತದೆ' ಎಂಬುದು ಚಾಣಕ್ಯರ ಮಾತು. ಅನಗತ್ಯ ಖರ್ಚು ಮತ್ತು ದುಂದು ವೆಚ್ಚ ಹಾನಿಕರ. ಜ್ಯೋತಿಷ್ಯದಲ್ಲಿ ಶುಕ್ರ ಮತ್ತು ಗುರು ಗ್ರಹಗಳು ಸಂಪತ್ತನ್ನು ಸೂಚಿಸುತ್ತವೆ. ಈ ಗ್ರಹಗಳ ಕೃಪೆ ಸದಾ ಇರಬೇಕೆಂದರೆ ಗಳಿಸಿದ್ದರಲ್ಲಿ ಒಂದು ಭಾಗವನ್ನು ಉಳಿತಾಯ ಮಾಡುವ ಅಭ್ಯಾಸ ಬೆಳೆಸಿಕೊಳ್ಳಬೇಕು. ಕಷ್ಟಕಾಲಕ್ಕೆಂದು ಹಣವನ್ನು ಕೂಡಿಡುವುದು ಬುದ್ಧಿವಂತಿಕೆಯ ಲಕ್ಷಣ. ನವಗ್ರಹ ಶಾಂತಿ ಮತ್ತು ಮಾತು: ನಿಮ್ಮ ಮಾತು ಇತರರನ್ನು ಆಕರ್ಷಿಸುವುದರ ಜೊತೆಗೆ ಶಾಂತಿಯನ್ನೂ ತರುತ್ತದೆ. ಜ್ಯೋತಿಷ್ಯದಲ್ಲಿ ಬುಧ ಗ್ರಹವು ವಾಣಿಯನ್ನು ನಿಯಂತ್ರಿಸುತ್ತದೆ.

ಹೊಸ ವರ್ಷದಲ್ಲಿ ಮಧುರವಾಗಿ ಮಾತನಾಡುವ ಮತ್ತು ಯಾರನ್ನೂ ಮನನೋಯಿಸದ ಸಂಕಲ್ಪ ಮಾಡುವುದು ಸಾಮಾಜಿಕವಾಗಿ ನಿಮ್ಮ ಗೌರವವನ್ನು ಹೆಚ್ಚಿಸುತ್ತದೆ. ಆರೋಗ್ಯವೇ ಭಾಗ್ಯ: ಶರೀರವು ಧರ್ಮ ಸಾಧನೆಗೆ ಇರುವ ಮೊದಲ ಸಾಧನ. ಚಾಣಕ್ಯರ ಪ್ರಕಾರ ಆರೋಗ್ಯವೇ ನಿಜವಾದ ಸಂಪತ್ತು. ಸೂರ್ಯ ಗ್ರಹವು ಆರೋಗ್ಯ ಮತ್ತು ಚೈತನ್ಯದ ಕಾರಕ. ಪ್ರತಿದಿನ ಬೆಳಿಗ್ಗೆ ಬೇಗ ಎದ್ದು ಸೂರ್ಯ ನಮಸ್ಕಾರ ಮತ್ತು ಧ್ಯಾನ ಮಾಡುವುದು ಉತ್ತಮ. ಉತ್ತರ ತಪ್ಪಿನಿಂದ ಪಾಠ ಕಲಿಯಿರಿ: ಚಾಣಕ್ಯರು ಹೇಳುವಂತೆ, ಇತರರ ತಪ್ಪುಗಳಿಂದ ಕಲಿಯುವುದು ಬುದ್ಧಿವಂತಿಕೆ. ಜೀವನದಲ್ಲಿ ಬರುವ ಸಮಸ್ಯೆಗಳನ್ನು ಎದುರಿಸಲು ಜ್ಯೋತಿಷ್ಯ ಶಾಸ್ತ್ರದಲ್ಲಿ ಗುರುವಿನ ಅನುಗ್ರಹ ಮುಖ್ಯ. ಹೊಸ ವರ್ಷದಲ್ಲಿ ನಿಮ್ಮ ಸುತ್ತಮುತ್ತಲಿನ ಪರಿಸ್ಥಿತಿಯನ್ನು ಅರಿತು ವರ್ತಿಸಿರಿ.

ಅನುಭವವನ್ನು ಗೌರವಿಸುವುದು ನಿಮ್ಮ ಪ್ರಗತಿಗೆ ಪೂರಕವಾಗಲಿದೆ. ಗ್ರಹಗತಿಗಳು ಎಷ್ಟೇ ಅನುಕೂಲಕರವಾಗಿದ್ದರೂ, ಮನುಷ್ಯನ ಸ್ವಪ್ರಯತ್ನ ಮತ್ತು ವಿವೇಕವಿಲ್ಲದಿದ್ದರೆ ಯಶಸ್ಸು ಲಭಿಸುವುದು ಕಷ್ಟ. ಜೀವನದ ಸರ್ವಕಾಲಿಕ ಸತ್ಯ: ಆದ್ದರಿಂದ, 2026ರಲ್ಲಿ ನಿಮ್ಮ ಗುರಿಯತ್ತ ದೃಢವಾದ ಹೆಜ್ಜೆ ಇಡಿ. ಚಾಣಕ್ಯರ ನೀತಿ ಮತ್ತು ಜ್ಯೋತಿಷ್ಯದ ಸಮನ್ವಯದಿಂದ ನಿಮ್ಮ ಜೀವನವನ್ನು ಸುಂದರವಾಗಿಸಿಕೊಳ್ಳಿ. ಈ ನೀತಿಗಳು ಜೀವನದಲ್ಲಿ ಬರುವ ಪ್ರತಿಯೊಂದು ಸವಾಲನ್ನು ಸುಲಭವಾಗಿ ಎದುರಿಸಲು ಸಹಾಯ ಮಾಡುತ್ತವೆ. ಅವು ಜೀವನದ ಸಾರ್ವಕಾಲಿಕ ಸತ್ಯಗಳು. 2026ರಲ್ಲಿ ಜ್ಯೋತಿಷ್ಯ ಫಲಗಳು ಹೇಗೇ ಇದ್ದರೂ, ಈ ನೀತಿಗಳನ್ನು ಪಾಲಿಸುವುದರಿಂದ ಮಾನಸಿಕ ಧೈರ್ಯ ಮತ್ತು ಸ್ಥಿರತೆ ಲಭಿಸುತ್ತದೆ. (ಸ್ಪಷ್ಟನೆ: ಇಲ್ಲಿ ನೀಡಲಾದ ಮಾಹಿತಿಯು ಜ್ಯೋತಿಷ್ಯ ಶಾಸ್ತ್ರ ಮತ್ತು ನಂಬಿಕೆಗಳನ್ನು ಆಧರಿಸಿದೆ. ಇದಕ್ಕೆ ಪ್ರಜಾ ನಾಯಕ ಜವಾಬ್ದಾರಿಯಲ್ಲ.)

Printed by : M. NAGARAJA,Published and Owned by : H. BABU, Printed at : MANJU MUDRANA ,Kunduvada Kere Road, Near Kadappa Bavi, Davangere -577006, Davangere
Dist, Karnataka Published at : At No .89, Marenahalli 577528, Jagalur Town, Davangere Dist, Karnataka. Editor : H. BABU.
